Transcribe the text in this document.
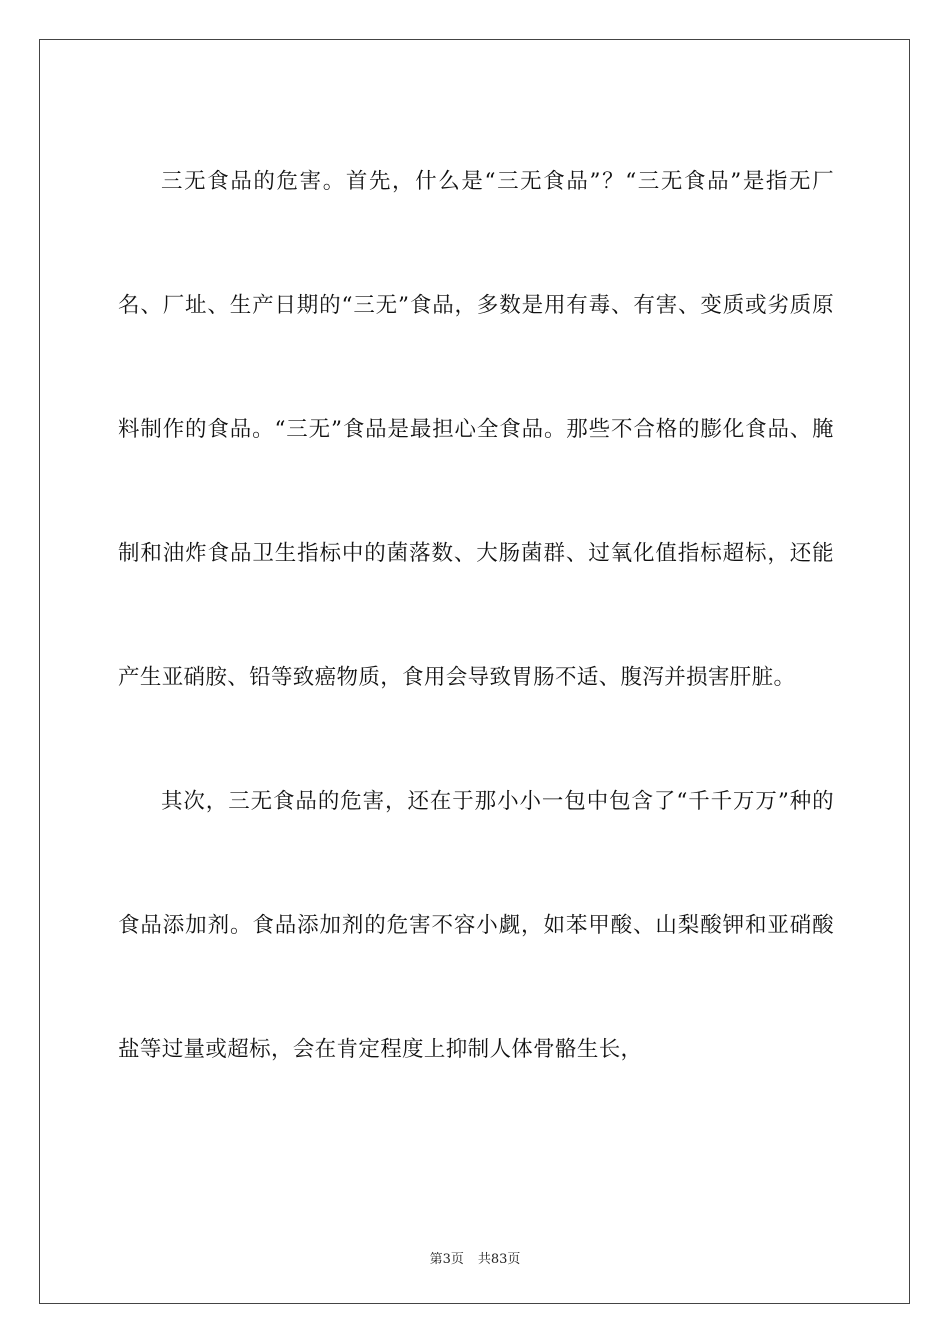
三无食品的危害。首先，什么是“三无食品”？“三无食品”是指无厂名、厂址、生产日期的“三无”食品，多数是用有毒、有害、变质或劣质原料制作的食品。“三无”食品是最担心全食品。那些不合格的膨化食品、腌制和油炸食品卫生指标中的菌落数、大肠菌群、过氧化值指标超标，还能产生亚硝胺、铅等致癌物质，食用会导致胃肠不适、腹泻并损害肝脏。

其次，三无食品的危害，还在于那小小一包中包含了“千千万万”种的食品添加剂。食品添加剂的危害不容小觑，如苯甲酸、山梨酸钾和亚硝酸盐等过量或超标，会在肯定程度上抑制人体骨骼生长，

第3页 共83页
